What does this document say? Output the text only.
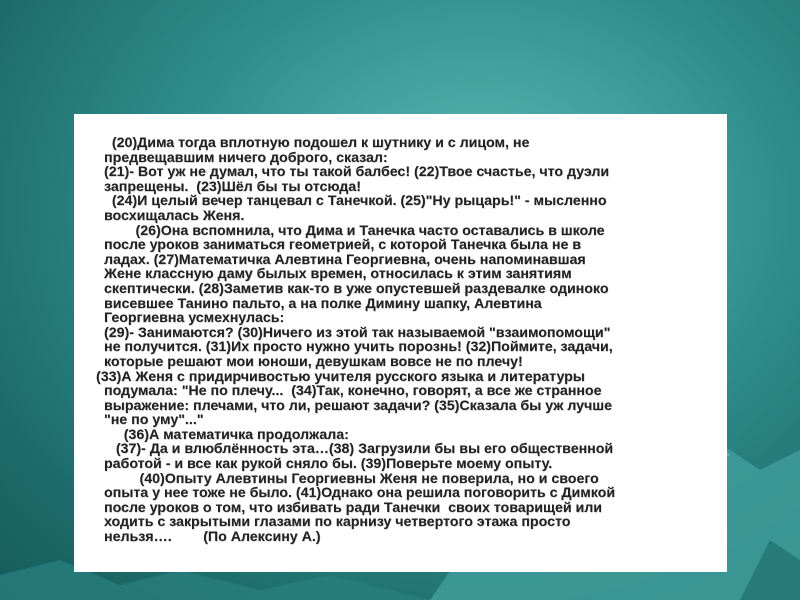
(20)Дима тогда вплотную подошел к шутнику и с лицом, не
предвещавшим ничего доброго, сказал:
(21)- Вот уж не думал, что ты такой балбес! (22)Твое счастье, что дуэли
запрещены.  (23)Шёл бы ты отсюда!
(24)И целый вечер танцевал с Танечкой. (25)"Ну рыцарь!" - мысленно
восхищалась Женя.
(26)Она вспомнила, что Дима и Танечка часто оставались в школе
после уроков заниматься геометрией, с которой Танечка была не в
ладах. (27)Математичка Алевтина Георгиевна, очень напоминавшая
Жене классную даму былых времен, относилась к этим занятиям
скептически. (28)Заметив как-то в уже опустевшей раздевалке одиноко
висевшее Танино пальто, а на полке Димину шапку, Алевтина
Георгиевна усмехнулась:
(29)- Занимаются? (30)Ничего из этой так называемой "взаимопомощи"
не получится. (31)Их просто нужно учить порознь! (32)Поймите, задачи,
которые решают мои юноши, девушкам вовсе не по плечу!
(33)А Женя с придирчивостью учителя русского языка и литературы
подумала: "Не по плечу...  (34)Так, конечно, говорят, а все же странное
выражение: плечами, что ли, решают задачи? (35)Сказала бы уж лучше
"не по уму"..."
(36)А математичка продолжала:
(37)- Да и влюблённость эта…(38) Загрузили бы вы его общественной
работой - и все как рукой сняло бы. (39)Поверьте моему опыту.
(40)Опыту Алевтины Георгиевны Женя не поверила, но и своего
опыта у нее тоже не было. (41)Однако она решила поговорить с Димкой
после уроков о том, что избивать ради Танечки  своих товарищей или
ходить с закрытыми глазами по карнизу четвертого этажа просто
нельзя….        (По Алексину А.)
